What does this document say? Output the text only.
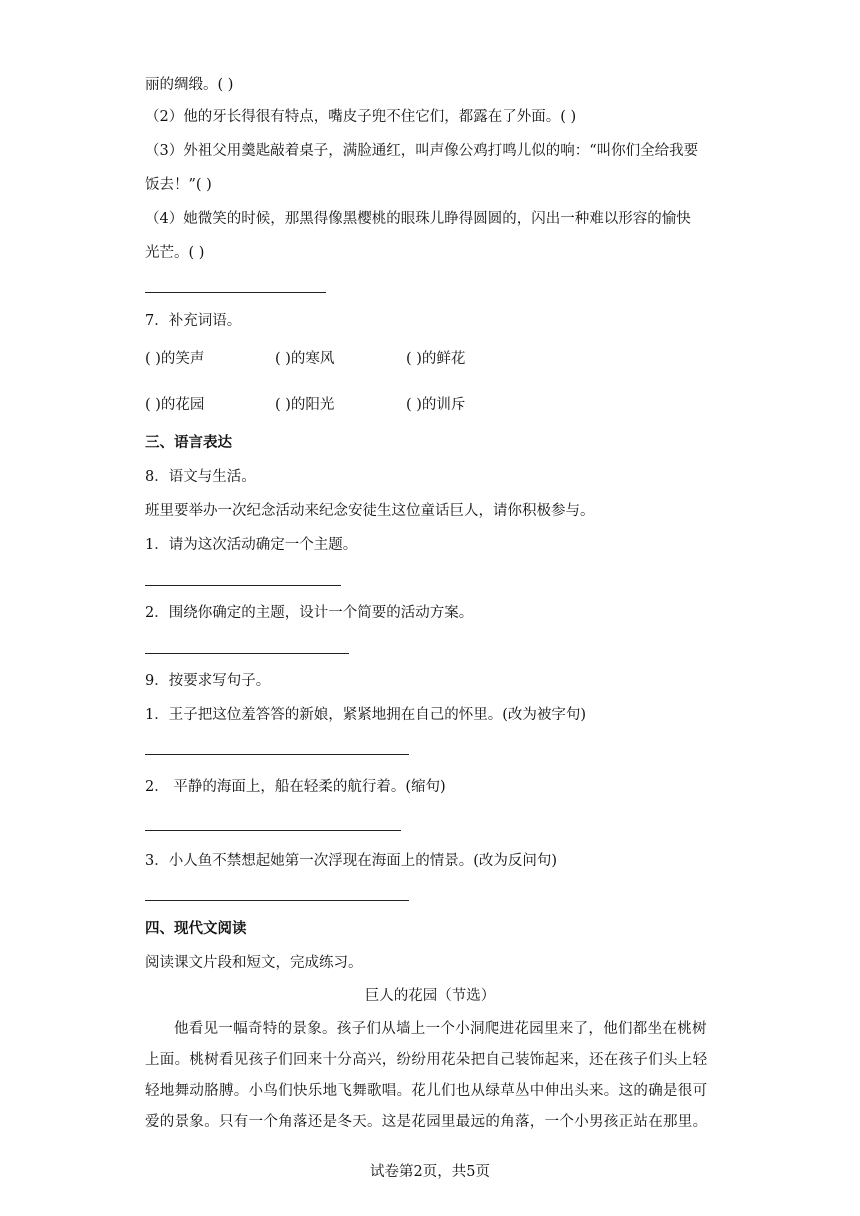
丽的绸缎。( )
（2）他的牙长得很有特点，嘴皮子兜不住它们，都露在了外面。( )
（3）外祖父用羹匙敲着桌子，满脸通红，叫声像公鸡打鸣儿似的响：“叫你们全给我要
饭去！”( )
（4）她微笑的时候，那黑得像黑樱桃的眼珠儿睁得圆圆的，闪出一种难以形容的愉快
光芒。( )
7．补充词语。
( )的笑声	( )的寒风	( )的鲜花
( )的花园	( )的阳光	( )的训斥
三、语言表达
8．语文与生活。
班里要举办一次纪念活动来纪念安徒生这位童话巨人，请你积极参与。
1．请为这次活动确定一个主题。
2．围绕你确定的主题，设计一个简要的活动方案。
9．按要求写句子。
1．王子把这位羞答答的新娘，紧紧地拥在自己的怀里。(改为被字句)
2． 平静的海面上，船在轻柔的航行着。(缩句)
3．小人鱼不禁想起她第一次浮现在海面上的情景。(改为反问句)
四、现代文阅读
阅读课文片段和短文，完成练习。
巨人的花园（节选）
他看见一幅奇特的景象。孩子们从墙上一个小洞爬进花园里来了，他们都坐在桃树上面。桃树看见孩子们回来十分高兴，纷纷用花朵把自己装饰起来，还在孩子们头上轻轻地舞动胳膊。小鸟们快乐地飞舞歌唱。花儿们也从绿草丛中伸出头来。这的确是很可爱的景象。只有一个角落还是冬天。这是花园里最远的角落，一个小男孩正站在那里。
试卷第2页，共5页
